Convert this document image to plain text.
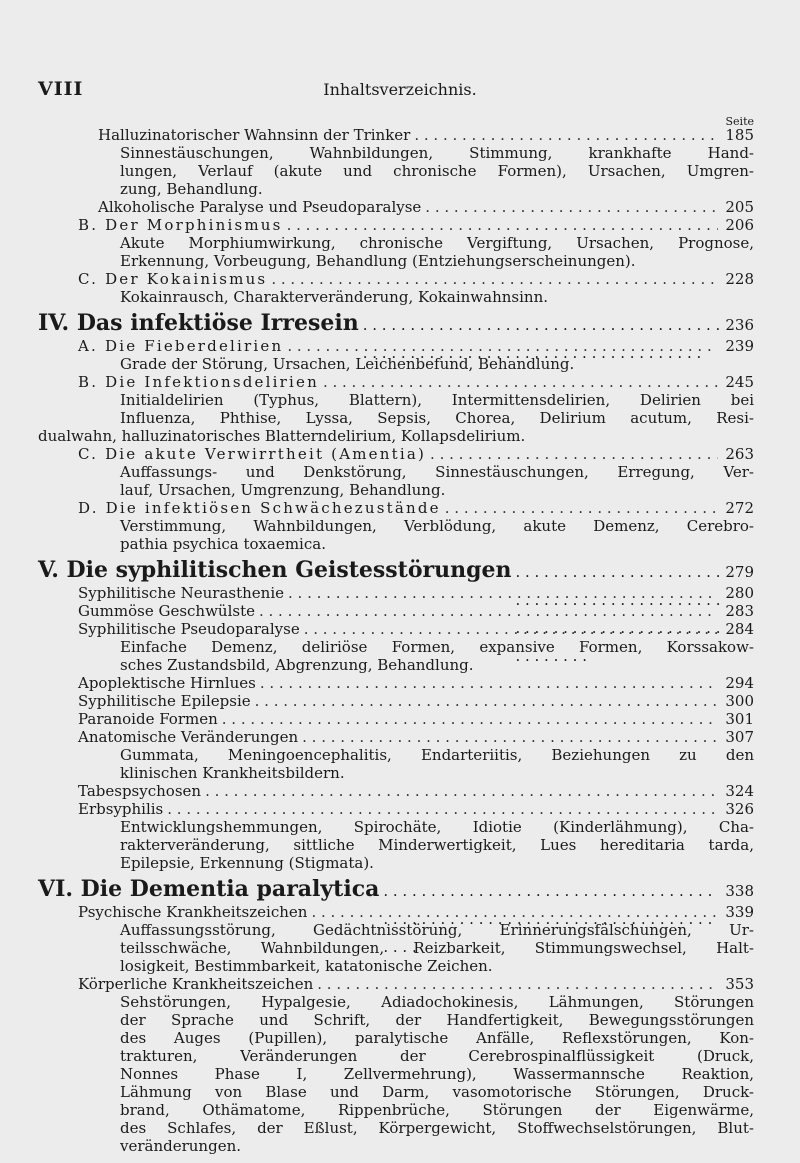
VIII	Inhaltsverzeichnis.
Seite
Halluzinatorischer Wahnsinn der Trinker . . .	185
Sinnestäuschungen, Wahnbildungen, Stimmung, krankhafte Hand-
lungen, Verlauf (akute und chronische Formen), Ursachen, Umgren-
zung, Behandlung.
Alkoholische Paralyse und Pseudoparalyse . . .	205
B. Der Morphinismus . . .	206
Akute Morphiumwirkung, chronische Vergiftung, Ursachen, Prognose,
Erkennung, Vorbeugung, Behandlung (Entziehungserscheinungen).
C. Der Kokainismus . . .	228
Kokainrausch, Charakterveränderung, Kokainwahnsinn.
IV. Das infektiöse Irresein . . .	236
A. Die Fieberdelirien . . .	239
Grade der Störung, Ursachen, Leichenbefund, Behandlung.
B. Die Infektionsdelirien . . .	245
Initialdelirien (Typhus, Blattern), Intermittensdelirien, Delirien bei
Influenza, Phthise, Lyssa, Sepsis, Chorea, Delirium acutum, Resi-
dualwahn, halluzinatorisches Blatterndelirium, Kollapsdelirium.
C. Die akute Verwirrtheit (Amentia) . . .	263
Auffassungs- und Denkstörung, Sinnestäuschungen, Erregung, Ver-
lauf, Ursachen, Umgrenzung, Behandlung.
D. Die infektiösen Schwächezustände . . .	272
Verstimmung, Wahnbildungen, Verblödung, akute Demenz, Cerebro-
pathia psychica toxaemica.
V. Die syphilitischen Geistesstörungen . . .	279
Syphilitische Neurasthenie . . .	280
Gummöse Geschwülste . . .	283
Syphilitische Pseudoparalyse . . .	284
Einfache Demenz, deliriöse Formen, expansive Formen, Korssakow-
sches Zustandsbild, Abgrenzung, Behandlung.
Apoplektische Hirnlues . . .	294
Syphilitische Epilepsie . . .	300
Paranoide Formen . . .	301
Anatomische Veränderungen . . .	307
Gummata, Meningoencephalitis, Endarteriitis, Beziehungen zu den
klinischen Krankheitsbildern.
Tabespsychosen . . .	324
Erbsyphilis . . .	326
Entwicklungshemmungen, Spirochäte, Idiotie (Kinderlähmung), Cha-
rakterveränderung, sittliche Minderwertigkeit, Lues hereditaria tarda,
Epilepsie, Erkennung (Stigmata).
VI. Die Dementia paralytica . . .	338
Psychische Krankheitszeichen . . .	339
Auffassungsstörung, Gedächtnisstörung, Erinnerungsfälschungen, Ur-
teilsschwäche, Wahnbildungen, Reizbarkeit, Stimmungswechsel, Halt-
losigkeit, Bestimmbarkeit, katatonische Zeichen.
Körperliche Krankheitszeichen . . .	353
Sehstörungen, Hypalgesie, Adiadochokinesis, Lähmungen, Störungen
der Sprache und Schrift, der Handfertigkeit, Bewegungsstörungen
des Auges (Pupillen), paralytische Anfälle, Reflexstörungen, Kon-
trakturen, Veränderungen der Cerebrospinalflüssigkeit (Druck,
Nonnes Phase I, Zellvermehrung), Wassermannsche Reaktion,
Lähmung von Blase und Darm, vasomotorische Störungen, Druck-
brand, Othämatome, Rippenbrüche, Störungen der Eigenwärme,
des Schlafes, der Eßlust, Körpergewicht, Stoffwechselstörungen, Blut-
veränderungen.
